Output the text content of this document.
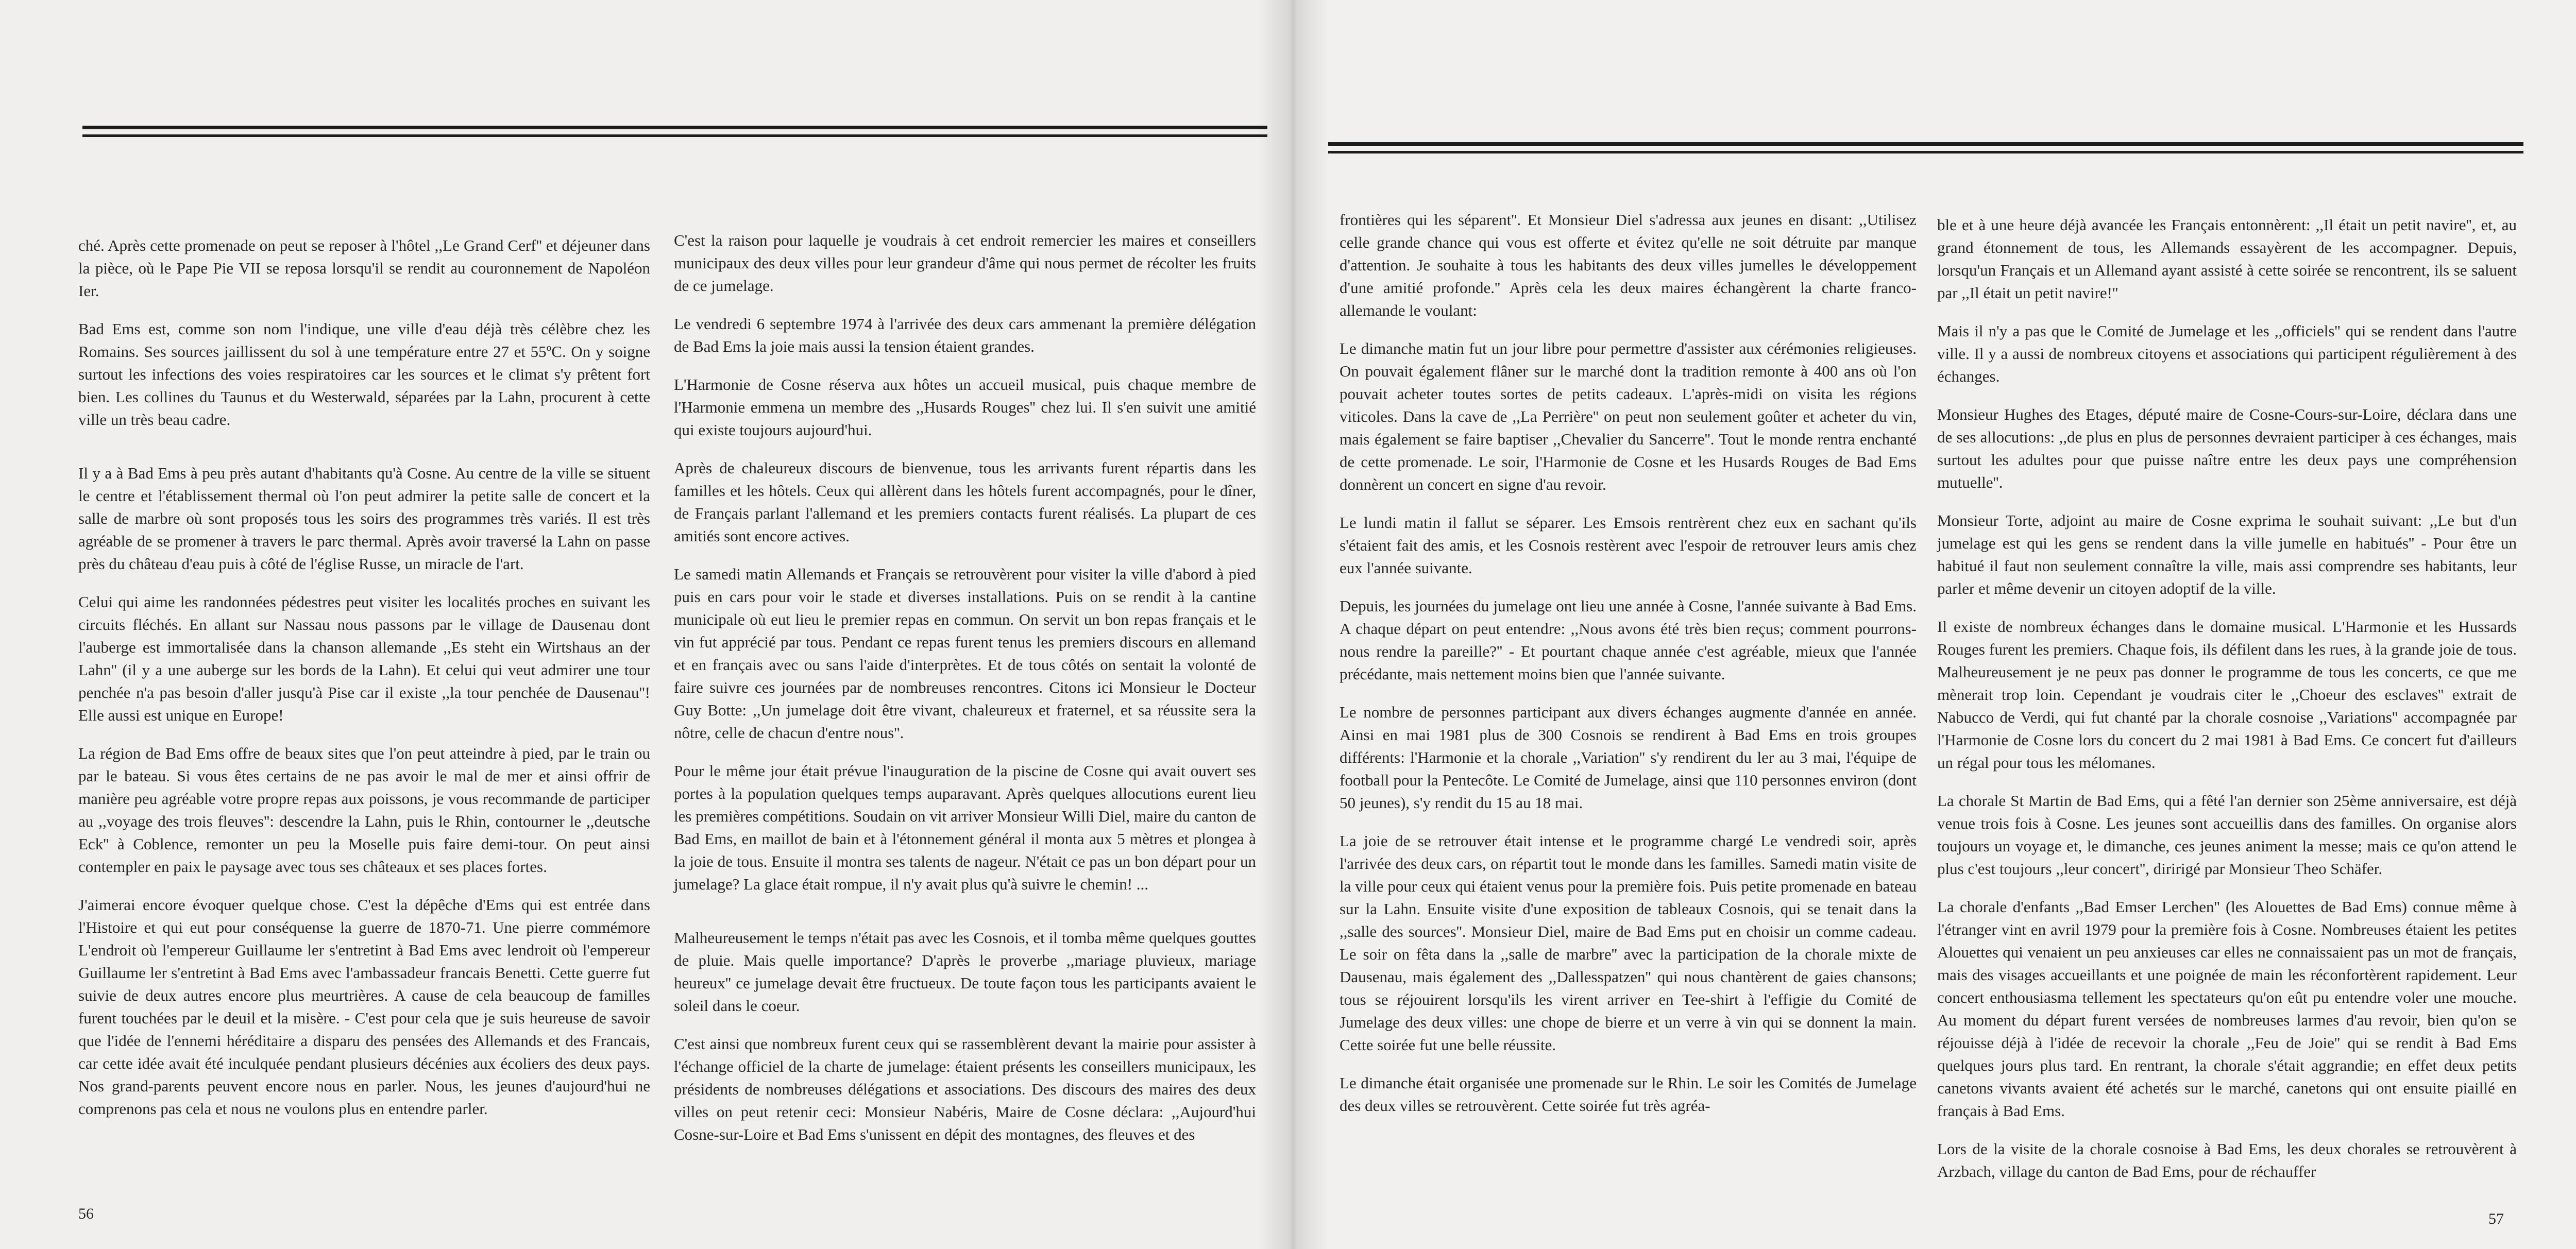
ché. Après cette promenade on peut se reposer à l'hôtel ,,Le Grand Cerf'' et déjeuner dans la pièce, où le Pape Pie VII se reposa lorsqu'il se rendit au couronnement de Napoléon Ier.

Bad Ems est, comme son nom l'indique, une ville d'eau déjà très célèbre chez les Romains. Ses sources jaillissent du sol à une température entre 27 et 55ºC. On y soigne surtout les infections des voies respiratoires car les sources et le climat s'y prêtent fort bien. Les collines du Taunus et du Westerwald, séparées par la Lahn, procurent à cette ville un très beau cadre.

Il y a à Bad Ems à peu près autant d'habitants qu'à Cosne. Au centre de la ville se situent le centre et l'établissement thermal où l'on peut admirer la petite salle de concert et la salle de marbre où sont proposés tous les soirs des programmes très variés. Il est très agréable de se promener à travers le parc thermal. Après avoir traversé la Lahn on passe près du château d'eau puis à côté de l'église Russe, un miracle de l'art.

Celui qui aime les randonnées pédestres peut visiter les localités proches en suivant les circuits fléchés. En allant sur Nassau nous passons par le village de Dausenau dont l'auberge est immortalisée dans la chanson allemande ,,Es steht ein Wirtshaus an der Lahn'' (il y a une auberge sur les bords de la Lahn). Et celui qui veut admirer une tour penchée n'a pas besoin d'aller jusqu'à Pise car il existe ,,la tour penchée de Dausenau''! Elle aussi est unique en Europe!

La région de Bad Ems offre de beaux sites que l'on peut atteindre à pied, par le train ou par le bateau. Si vous êtes certains de ne pas avoir le mal de mer et ainsi offrir de manière peu agréable votre propre repas aux poissons, je vous recommande de participer au ,,voyage des trois fleuves'': descendre la Lahn, puis le Rhin, contourner le ,,deutsche Eck'' à Coblence, remonter un peu la Moselle puis faire demi-tour. On peut ainsi contempler en paix le paysage avec tous ses châteaux et ses places fortes.

J'aimerai encore évoquer quelque chose. C'est la dépêche d'Ems qui est entrée dans l'Histoire et qui eut pour conséquense la guerre de 1870-71. Une pierre commémore L'endroit où l'empereur Guillaume ler s'entretint à Bad Ems avec lendroit où l'empereur Guillaume ler s'entretint à Bad Ems avec l'ambassadeur francais Benetti. Cette guerre fut suivie de deux autres encore plus meurtrières. A cause de cela beaucoup de familles furent touchées par le deuil et la misère. - C'est pour cela que je suis heureuse de savoir que l'idée de l'ennemi héréditaire a disparu des pensées des Allemands et des Francais, car cette idée avait été inculquée pendant plusieurs décénies aux écoliers des deux pays. Nos grand-parents peuvent encore nous en parler. Nous, les jeunes d'aujourd'hui ne comprenons pas cela et nous ne voulons plus en entendre parler.

C'est la raison pour laquelle je voudrais à cet endroit remercier les maires et conseillers municipaux des deux villes pour leur grandeur d'âme qui nous permet de récolter les fruits de ce jumelage.

Le vendredi 6 septembre 1974 à l'arrivée des deux cars ammenant la première délégation de Bad Ems la joie mais aussi la tension étaient grandes.

L'Harmonie de Cosne réserva aux hôtes un accueil musical, puis chaque membre de l'Harmonie emmena un membre des ,,Husards Rouges'' chez lui. Il s'en suivit une amitié qui existe toujours aujourd'hui.

Après de chaleureux discours de bienvenue, tous les arrivants furent répartis dans les familles et les hôtels. Ceux qui allèrent dans les hôtels furent accompagnés, pour le dîner, de Français parlant l'allemand et les premiers contacts furent réalisés. La plupart de ces amitiés sont encore actives.

Le samedi matin Allemands et Français se retrouvèrent pour visiter la ville d'abord à pied puis en cars pour voir le stade et diverses installations. Puis on se rendit à la cantine municipale où eut lieu le premier repas en commun. On servit un bon repas français et le vin fut apprécié par tous. Pendant ce repas furent tenus les premiers discours en allemand et en français avec ou sans l'aide d'interprètes. Et de tous côtés on sentait la volonté de faire suivre ces journées par de nombreuses rencontres. Citons ici Monsieur le Docteur Guy Botte: ,,Un jumelage doit être vivant, chaleureux et fraternel, et sa réussite sera la nôtre, celle de chacun d'entre nous''.

Pour le même jour était prévue l'inauguration de la piscine de Cosne qui avait ouvert ses portes à la population quelques temps auparavant. Après quelques allocutions eurent lieu les premières compétitions. Soudain on vit arriver Monsieur Willi Diel, maire du canton de Bad Ems, en maillot de bain et à l'étonnement général il monta aux 5 mètres et plongea à la joie de tous. Ensuite il montra ses talents de nageur. N'était ce pas un bon départ pour un jumelage? La glace était rompue, il n'y avait plus qu'à suivre le chemin! ...

Malheureusement le temps n'était pas avec les Cosnois, et il tomba même quelques gouttes de pluie. Mais quelle importance? D'après le proverbe ,,mariage pluvieux, mariage heureux'' ce jumelage devait être fructueux. De toute façon tous les participants avaient le soleil dans le coeur.

C'est ainsi que nombreux furent ceux qui se rassemblèrent devant la mairie pour assister à l'échange officiel de la charte de jumelage: étaient présents les conseillers municipaux, les présidents de nombreuses délégations et associations. Des discours des maires des deux villes on peut retenir ceci: Monsieur Nabéris, Maire de Cosne déclara: ,,Aujourd'hui Cosne-sur-Loire et Bad Ems s'unissent en dépit des montagnes, des fleuves et des

56

frontières qui les séparent''. Et Monsieur Diel s'adressa aux jeunes en disant: ,,Utilisez celle grande chance qui vous est offerte et évitez qu'elle ne soit détruite par manque d'attention. Je souhaite à tous les habitants des deux villes jumelles le développement d'une amitié profonde.'' Après cela les deux maires échangèrent la charte franco-allemande le voulant:

Le dimanche matin fut un jour libre pour permettre d'assister aux cérémonies religieuses. On pouvait également flâner sur le marché dont la tradition remonte à 400 ans où l'on pouvait acheter toutes sortes de petits cadeaux. L'après-midi on visita les régions viticoles. Dans la cave de ,,La Perrière'' on peut non seulement goûter et acheter du vin, mais également se faire baptiser ,,Chevalier du Sancerre''. Tout le monde rentra enchanté de cette promenade. Le soir, l'Harmonie de Cosne et les Husards Rouges de Bad Ems donnèrent un concert en signe d'au revoir.

Le lundi matin il fallut se séparer. Les Emsois rentrèrent chez eux en sachant qu'ils s'étaient fait des amis, et les Cosnois restèrent avec l'espoir de retrouver leurs amis chez eux l'année suivante.

Depuis, les journées du jumelage ont lieu une année à Cosne, l'année suivante à Bad Ems. A chaque départ on peut entendre: ,,Nous avons été très bien reçus; comment pourrons-nous rendre la pareille?'' - Et pourtant chaque année c'est agréable, mieux que l'année précédante, mais nettement moins bien que l'année suivante.

Le nombre de personnes participant aux divers échanges augmente d'année en année. Ainsi en mai 1981 plus de 300 Cosnois se rendirent à Bad Ems en trois groupes différents: l'Harmonie et la chorale ,,Variation'' s'y rendirent du ler au 3 mai, l'équipe de football pour la Pentecôte. Le Comité de Jumelage, ainsi que 110 personnes environ (dont 50 jeunes), s'y rendit du 15 au 18 mai.

La joie de se retrouver était intense et le programme chargé Le vendredi soir, après l'arrivée des deux cars, on répartit tout le monde dans les familles. Samedi matin visite de la ville pour ceux qui étaient venus pour la première fois. Puis petite promenade en bateau sur la Lahn. Ensuite visite d'une exposition de tableaux Cosnois, qui se tenait dans la ,,salle des sources''. Monsieur Diel, maire de Bad Ems put en choisir un comme cadeau. Le soir on fêta dans la ,,salle de marbre'' avec la participation de la chorale mixte de Dausenau, mais également des ,,Dallesspatzen'' qui nous chantèrent de gaies chansons; tous se réjouirent lorsqu'ils les virent arriver en Tee-shirt à l'effigie du Comité de Jumelage des deux villes: une chope de bierre et un verre à vin qui se donnent la main. Cette soirée fut une belle réussite.

Le dimanche était organisée une promenade sur le Rhin. Le soir les Comités de Jumelage des deux villes se retrouvèrent. Cette soirée fut très agréa-

ble et à une heure déjà avancée les Français entonnèrent: ,,Il était un petit navire'', et, au grand étonnement de tous, les Allemands essayèrent de les accompagner. Depuis, lorsqu'un Français et un Allemand ayant assisté à cette soirée se rencontrent, ils se saluent par ,,Il était un petit navire!''

Mais il n'y a pas que le Comité de Jumelage et les ,,officiels'' qui se rendent dans l'autre ville. Il y a aussi de nombreux citoyens et associations qui participent régulièrement à des échanges.

Monsieur Hughes des Etages, député maire de Cosne-Cours-sur-Loire, déclara dans une de ses allocutions: ,,de plus en plus de personnes devraient participer à ces échanges, mais surtout les adultes pour que puisse naître entre les deux pays une compréhension mutuelle''.

Monsieur Torte, adjoint au maire de Cosne exprima le souhait suivant: ,,Le but d'un jumelage est qui les gens se rendent dans la ville jumelle en habitués'' - Pour être un habitué il faut non seulement connaître la ville, mais assi comprendre ses habitants, leur parler et même devenir un citoyen adoptif de la ville.

Il existe de nombreux échanges dans le domaine musical. L'Harmonie et les Hussards Rouges furent les premiers. Chaque fois, ils défilent dans les rues, à la grande joie de tous. Malheureusement je ne peux pas donner le programme de tous les concerts, ce que me mènerait trop loin. Cependant je voudrais citer le ,,Choeur des esclaves'' extrait de Nabucco de Verdi, qui fut chanté par la chorale cosnoise ,,Variations'' accompagnée par l'Harmonie de Cosne lors du concert du 2 mai 1981 à Bad Ems. Ce concert fut d'ailleurs un régal pour tous les mélomanes.

La chorale St Martin de Bad Ems, qui a fêté l'an dernier son 25ème anniversaire, est déjà venue trois fois à Cosne. Les jeunes sont accueillis dans des familles. On organise alors toujours un voyage et, le dimanche, ces jeunes animent la messe; mais ce qu'on attend le plus c'est toujours ,,leur concert'', diririgé par Monsieur Theo Schäfer.

La chorale d'enfants ,,Bad Emser Lerchen'' (les Alouettes de Bad Ems) connue même à l'étranger vint en avril 1979 pour la première fois à Cosne. Nombreuses étaient les petites Alouettes qui venaient un peu anxieuses car elles ne connaissaient pas un mot de français, mais des visages accueillants et une poignée de main les réconfortèrent rapidement. Leur concert enthousiasma tellement les spectateurs qu'on eût pu entendre voler une mouche. Au moment du départ furent versées de nombreuses larmes d'au revoir, bien qu'on se réjouisse déjà à l'idée de recevoir la chorale ,,Feu de Joie'' qui se rendit à Bad Ems quelques jours plus tard. En rentrant, la chorale s'était aggrandie; en effet deux petits canetons vivants avaient été achetés sur le marché, canetons qui ont ensuite piaillé en français à Bad Ems.

Lors de la visite de la chorale cosnoise à Bad Ems, les deux chorales se retrouvèrent à Arzbach, village du canton de Bad Ems, pour de réchauffer

57
